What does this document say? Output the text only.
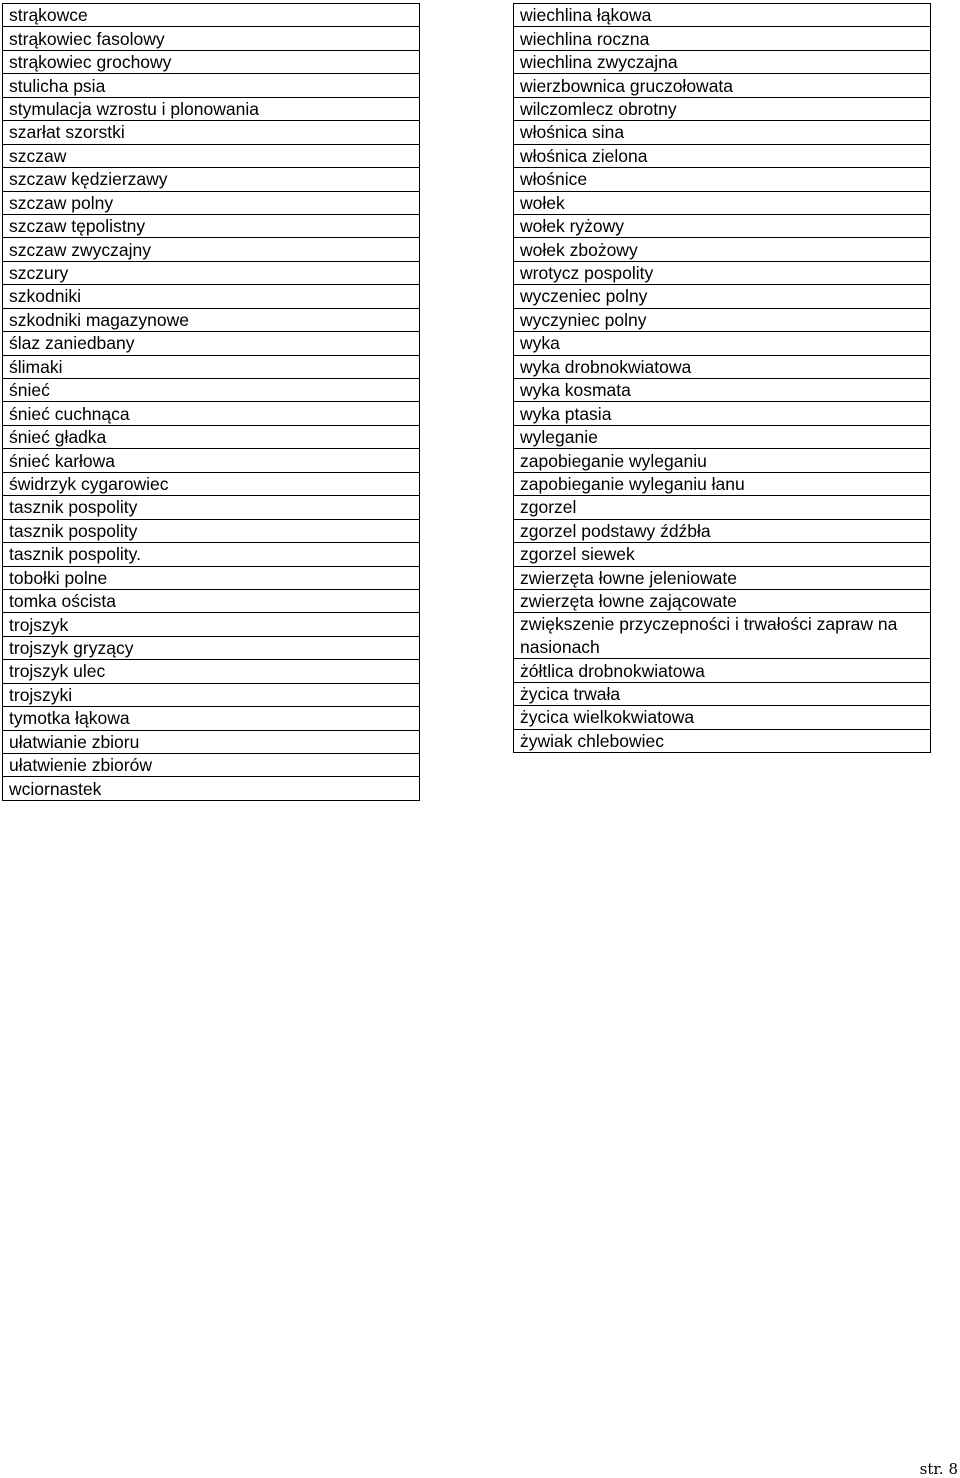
strąkowce
strąkowiec fasolowy
strąkowiec grochowy
stulicha psia
stymulacja wzrostu i plonowania
szarłat szorstki
szczaw
szczaw kędzierzawy
szczaw polny
szczaw tępolistny
szczaw zwyczajny
szczury
szkodniki
szkodniki magazynowe
ślaz zaniedbany
ślimaki
śnieć
śnieć cuchnąca
śnieć gładka
śnieć karłowa
świdrzyk cygarowiec
tasznik pospolity
tasznik pospolity
tasznik pospolity.
tobołki polne
tomka oścista
trojszyk
trojszyk gryzący
trojszyk ulec
trojszyki
tymotka łąkowa
ułatwianie zbioru
ułatwienie zbiorów
wciornastek
wiechlina łąkowa
wiechlina roczna
wiechlina zwyczajna
wierzbownica gruczołowata
wilczomlecz obrotny
włośnica sina
włośnica zielona
włośnice
wołek
wołek ryżowy
wołek zbożowy
wrotycz pospolity
wyczeniec polny
wyczyniec polny
wyka
wyka drobnokwiatowa
wyka kosmata
wyka ptasia
wyleganie
zapobieganie wyleganiu
zapobieganie wyleganiu łanu
zgorzel
zgorzel podstawy źdźbła
zgorzel siewek
zwierzęta łowne jeleniowate
zwierzęta łowne zającowate
zwiększenie przyczepności i trwałości zapraw na nasionach
żółtlica drobnokwiatowa
życica trwała
życica wielkokwiatowa
żywiak chlebowiec
str. 8
